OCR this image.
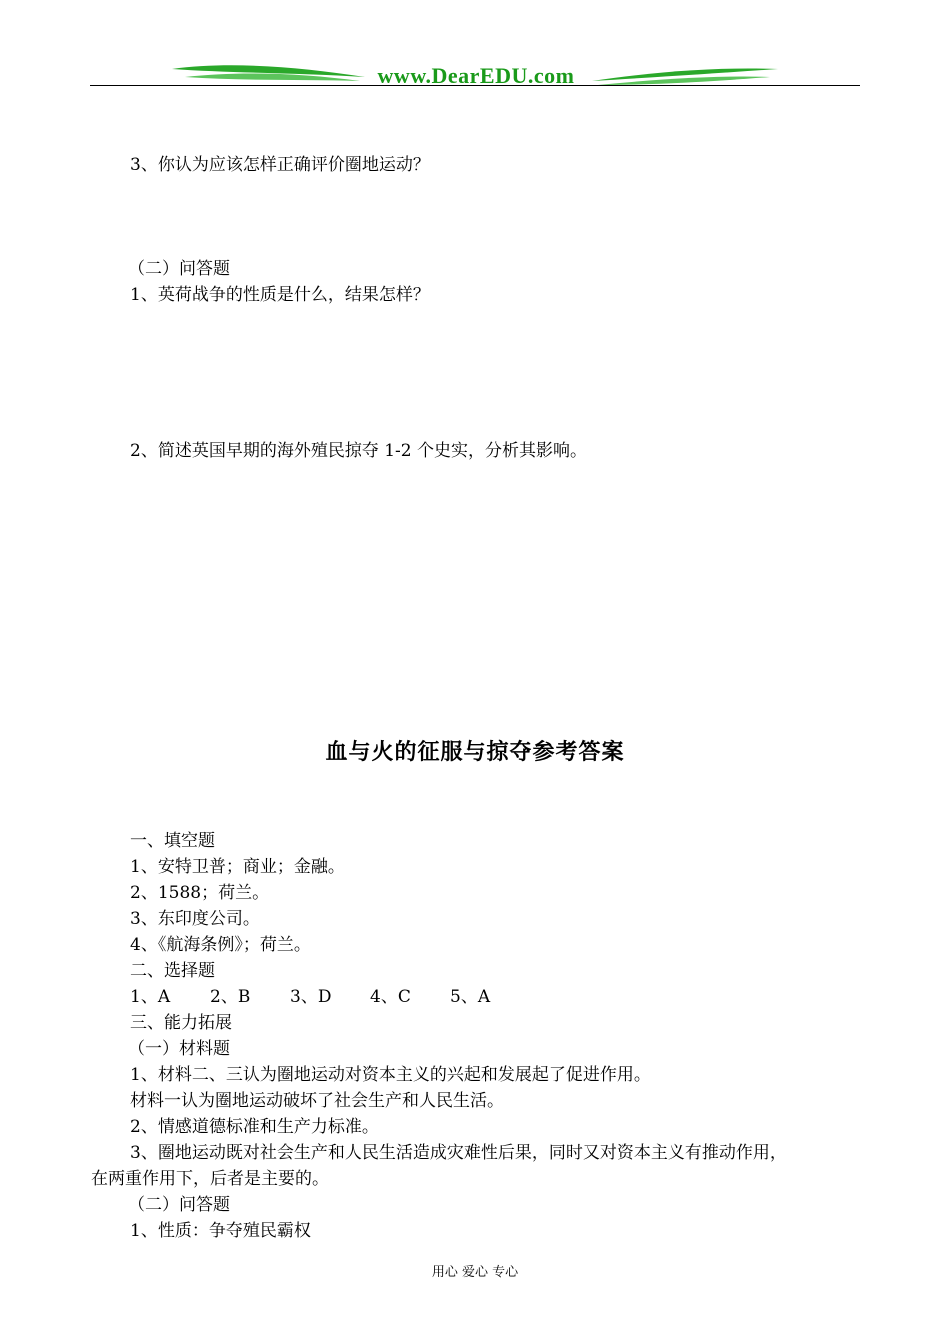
www.DearEDU.com
3、你认为应该怎样正确评价圈地运动？
（二）问答题
1、英荷战争的性质是什么，结果怎样？
2、简述英国早期的海外殖民掠夺 1-2 个史实，分析其影响。
血与火的征服与掠夺参考答案
一、填空题
1、安特卫普；商业；金融。
2、1588；荷兰。
3、东印度公司。
4、《航海条例》；荷兰。
二、选择题
1、A 2、B 3、D 4、C 5、A
三、能力拓展
（一）材料题
1、材料二、三认为圈地运动对资本主义的兴起和发展起了促进作用。
材料一认为圈地运动破坏了社会生产和人民生活。
2、情感道德标准和生产力标准。
3、圈地运动既对社会生产和人民生活造成灾难性后果，同时又对资本主义有推动作用，
在两重作用下，后者是主要的。
（二）问答题
1、性质：争夺殖民霸权
用心 爱心 专心
